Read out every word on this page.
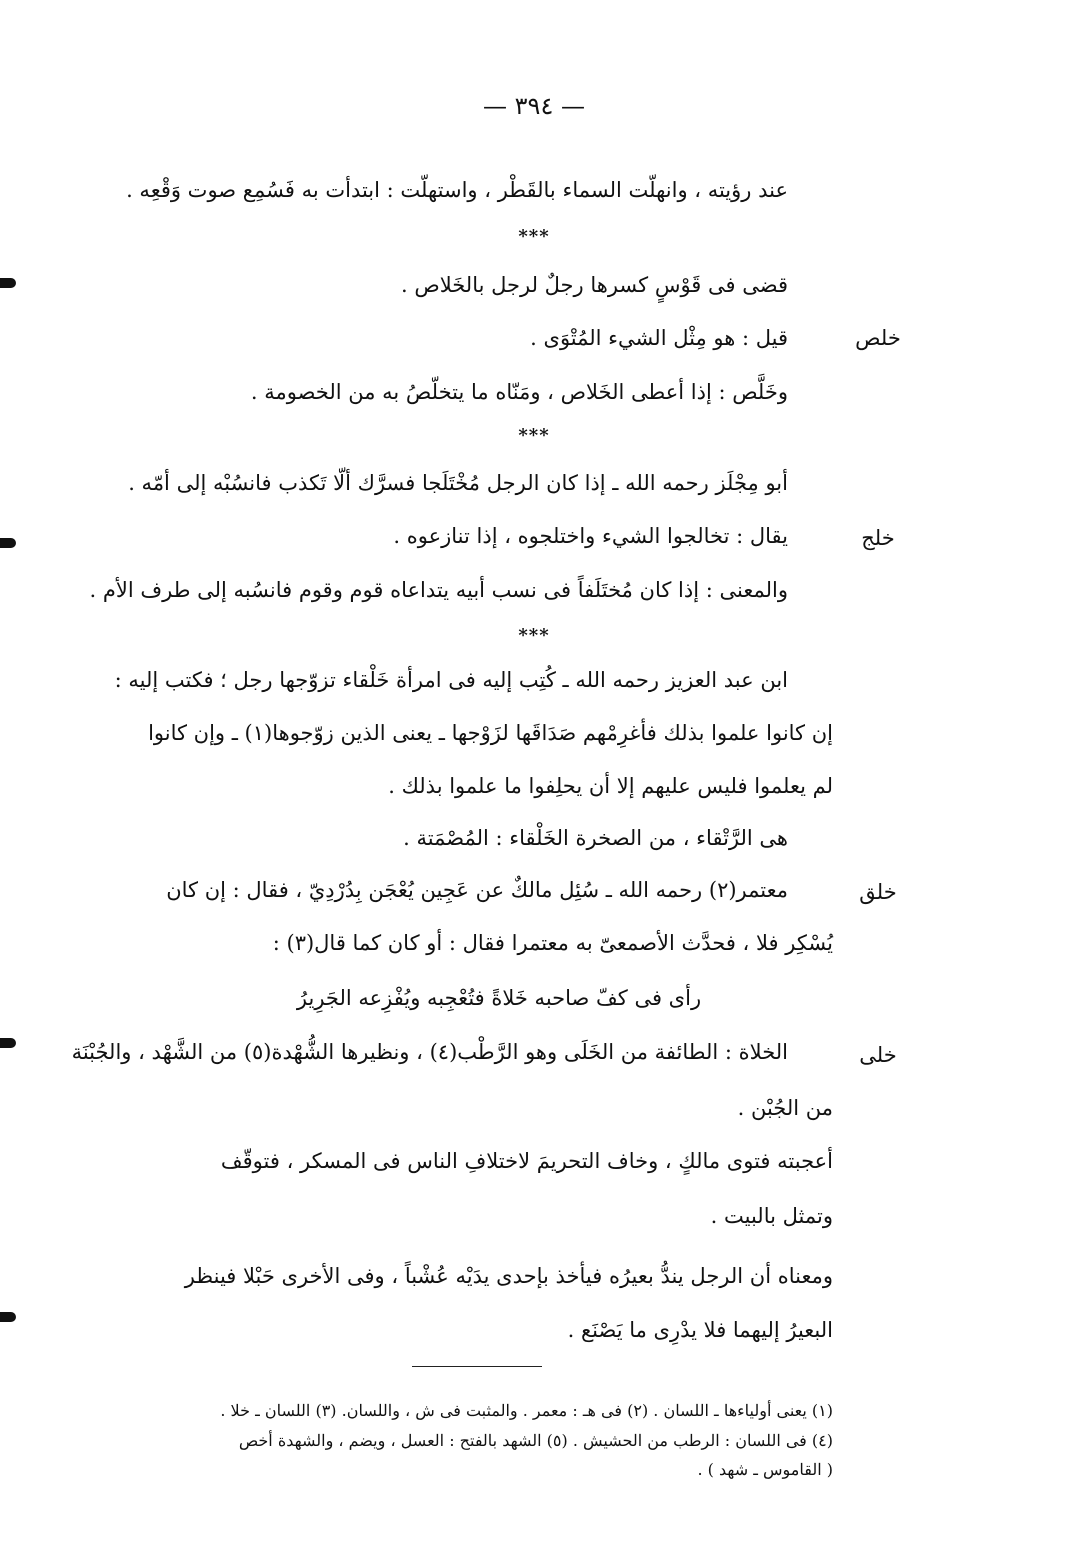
— ٣٩٤ —
عند رؤيته ، وانهلّت السماء بالقَطْر ، واستهلّت : ابتدأت به فَسُمِع صوت وَقْعِه .
***
قضى فى قَوْسٍ كسرها رجلٌ لرجل بالخَلاص .
خلص
قيل : هو مِثْل الشيء المُتْوَى .
وخَلَّص : إذا أعطى الخَلاص ، ومَنّاه ما يتخلّصُ به من الخصومة .
***
أبو مِجْلَز رحمه الله ـ إذا كان الرجل مُخْتَلَجا فسرَّك ألّا تَكذب فانسُبْه إلى أمّه .
خلج
يقال : تخالجوا الشيء واختلجوه ، إذا تنازعوه .
والمعنى : إذا كان مُختَلَفاً فى نسب أبيه يتداعاه قوم وقوم فانسُبه إلى طرف الأم .
***
ابن عبد العزيز رحمه الله ـ كُتِب إليه فى امرأة خَلْقاء تزوّجها رجل ؛ فكتب إليه :
إن كانوا علموا بذلك فأغرِمْهم صَدَاقَها لزَوْجها ـ يعنى الذين زوّجوها(١) ـ وإن كانوا
لم يعلموا فليس عليهم إلا أن يحلِفوا ما علموا بذلك .
هى الرَّتْقاء ، من الصخرة الخَلْقاء : المُصْمَتة .
خلق
معتمر(٢) رحمه الله ـ سُئِل مالكٌ عن عَجِين يُعْجَن بِدُرْدِيّ ، فقال : إن كان
يُسْكِر فلا ، فحدَّث الأصمعىّ به معتمرا فقال : أو كان كما قال(٣) :
رأى فى كفّ صاحبه خَلاةً فتُعْجِبه ويُفْزِعه الجَرِيرُ
خلى
الخلاة : الطائفة من الخَلَى وهو الرَّطْب(٤) ، ونظيرها الشُّهْدة(٥) من الشَّهْد ، والجُبْنَة
من الجُبْن .
أعجبته فتوى مالكٍ ، وخاف التحريمَ لاختلافِ الناس فى المسكر ، فتوقّف
وتمثل بالبيت .
ومعناه أن الرجل يندُّ بعيرُه فيأخذ بإحدى يدَيْه عُشْباً ، وفى الأخرى حَبْلا فينظر
البعيرُ إليهما فلا يدْرِى ما يَصْنَع .
(١) يعنى أولياءها ـ اللسان . (٢) فى هـ : معمر . والمثبت فى ش ، واللسان. (٣) اللسان ـ خلا .
(٤) فى اللسان : الرطب من الحشيش . (٥) الشهد بالفتح : العسل ، ويضم ، والشهدة أخص
( القاموس ـ شهد ) .
